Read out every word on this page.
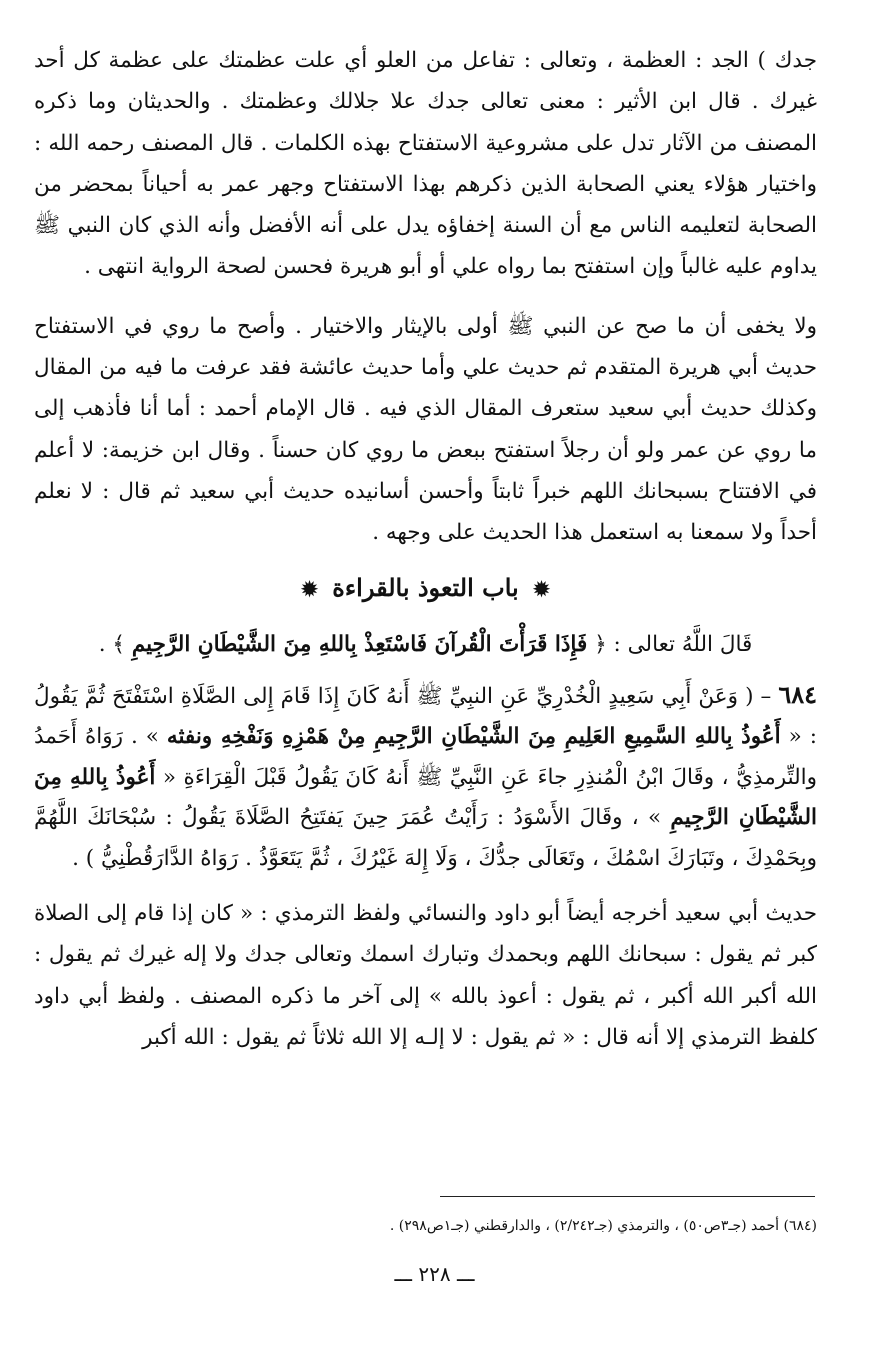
جدك ) الجد : العظمة ، وتعالى : تفاعل من العلو أي علت عظمتك على عظمة كل أحد غيرك . قال ابن الأثير : معنى تعالى جدك علا جلالك وعظمتك . والحديثان وما ذكره المصنف من الآثار تدل على مشروعية الاستفتاح بهذه الكلمات . قال المصنف رحمه الله : واختيار هؤلاء يعني الصحابة الذين ذكرهم بهذا الاستفتاح وجهر عمر به أحياناً بمحضر من الصحابة لتعليمه الناس مع أن السنة إخفاؤه يدل على أنه الأفضل وأنه الذي كان النبي ﷺ يداوم عليه غالباً وإن استفتح بما رواه علي أو أبو هريرة فحسن لصحة الرواية انتهى .

ولا يخفى أن ما صح عن النبي ﷺ أولى بالإيثار والاختيار . وأصح ما روي في الاستفتاح حديث أبي هريرة المتقدم ثم حديث علي وأما حديث عائشة فقد عرفت ما فيه من المقال وكذلك حديث أبي سعيد ستعرف المقال الذي فيه . قال الإمام أحمد : أما أنا فأذهب إلى ما روي عن عمر ولو أن رجلاً استفتح ببعض ما روي كان حسناً . وقال ابن خزيمة: لا أعلم في الافتتاح بسبحانك اللهم خبراً ثابتاً وأحسن أسانيده حديث أبي سعيد ثم قال : لا نعلم أحداً ولا سمعنا به استعمل هذا الحديث على وجهه .

✹ باب التعوذ بالقراءة ✹
قَالَ اللَّهُ تعالى : ﴿ فَإِذَا قَرَأْتَ الْقُرآنَ فَاسْتَعِذْ بِاللهِ مِنَ الشَّيْطَانِ الرَّجِيمِ ﴾ .

٦٨٤ – ( وَعَنْ أَبِي سَعِيدٍ الْخُدْرِيِّ عَنِ النبِيِّ ﷺ أَنهُ كَانَ إِذَا قَامَ إِلى الصَّلَاةِ اسْتَفْتَحَ ثُمَّ يَقُولُ : « أَعُوذُ بِاللهِ السَّمِيعِ العَلِيمِ مِنَ الشَّيْطَانِ الرَّجِيمِ مِنْ هَمْزِهِ وَنَفْخِهِ ونفثه » . رَوَاهُ أَحَمدُ والتِّرمذِيُّ ، وقَالَ ابْنُ الْمُنذِرِ جاءَ عَنِ النَّبِيِّ ﷺ أَنهُ كَانَ يَقُولُ قَبْلَ الْقِرَاءَةِ « أَعُوذُ بِاللهِ مِنَ الشَّيْطَانِ الرَّجِيمِ » ، وقَالَ الأَسْوَدُ : رَأَيْتُ عُمَرَ حِينَ يَفتَتِحُ الصَّلَاةَ يَقُولُ : سُبْحَانَكَ اللَّهُمَّ وبِحَمْدِكَ ، وتَبَارَكَ اسْمُكَ ، وتَعَالَى جدُّكَ ، وَلَا إِلهَ غَيْرُكَ ، ثُمَّ يَتَعَوَّذُ . رَوَاهُ الدَّارَقُطْنِيُّ ) .

حديث أبي سعيد أخرجه أيضاً أبو داود والنسائي ولفظ الترمذي : « كان إذا قام إلى الصلاة كبر ثم يقول : سبحانك اللهم وبحمدك وتبارك اسمك وتعالى جدك ولا إله غيرك ثم يقول : الله أكبر الله أكبر ، ثم يقول : أعوذ بالله » إلى آخر ما ذكره المصنف . ولفظ أبي داود كلفظ الترمذي إلا أنه قال : « ثم يقول : لا إلـه إلا الله ثلاثاً ثم يقول : الله أكبر

(٦٨٤) أحمد (جـ٣ص٥٠) ، والترمذي (جـ٢/٢٤٢) ، والدارقطني (جـ١ص٢٩٨) .
ـــ ٢٢٨ ـــ
